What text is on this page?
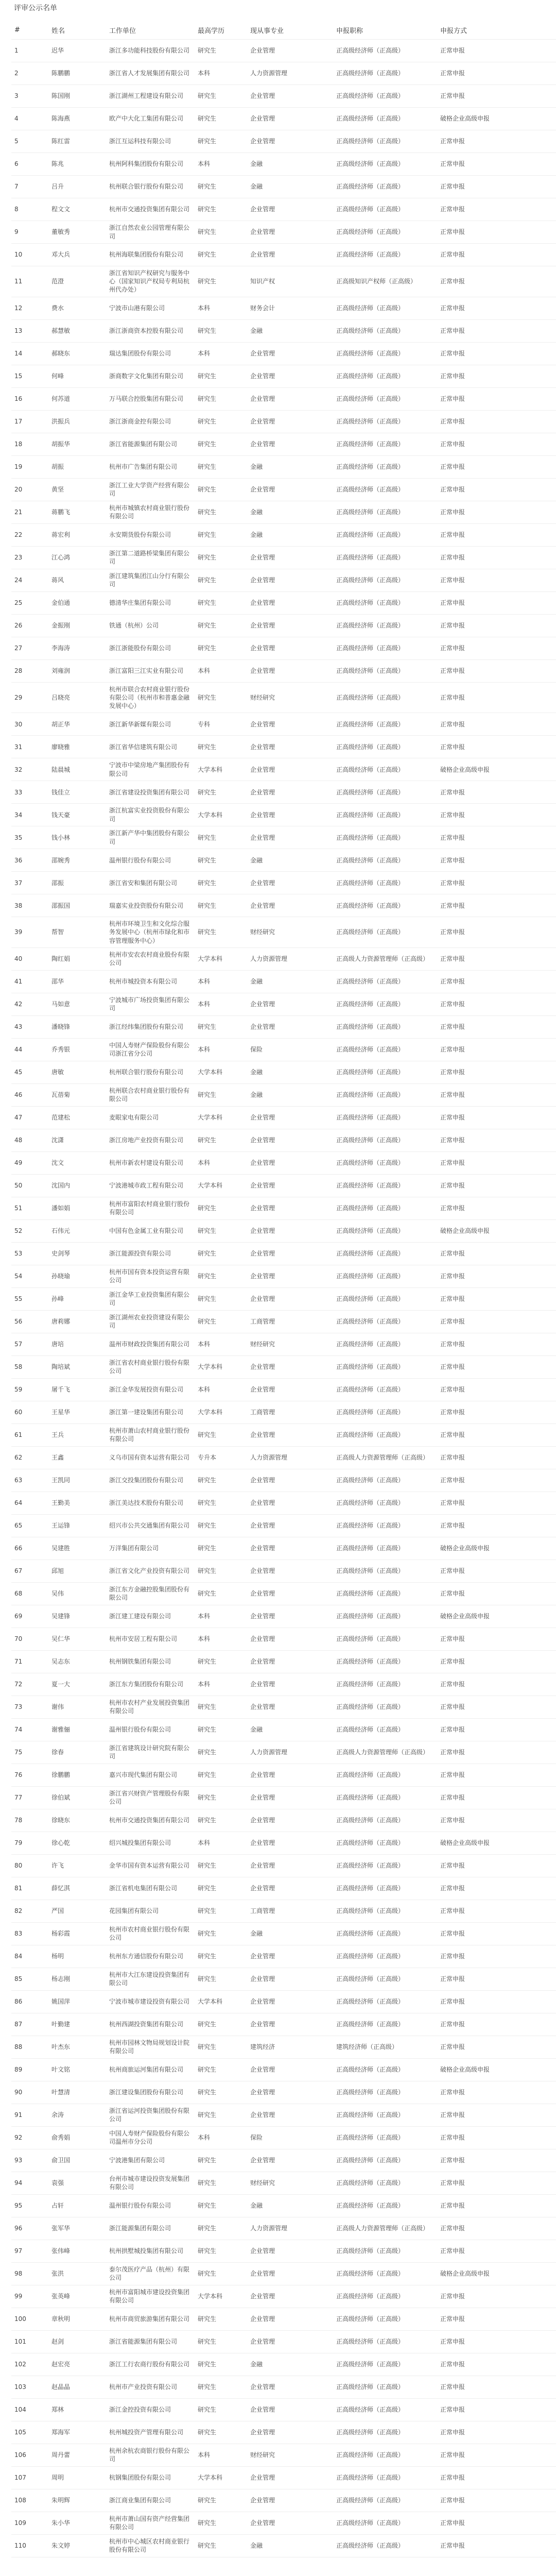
评审公示名单
#	姓名	工作单位	最高学历	现从事专业	申报职称	申报方式
1	迟华	浙江多功能科技股份有限公司	研究生	企业管理	正高级经济师（正高级）	正常申报
2	陈鹏鹏	浙江省人才发展集团有限公司	本科	人力资源管理	正高级经济师（正高级）	正常申报
3	陈国刚	浙江湖州工程建设有限公司	研究生	企业管理	正高级经济师（正高级）	正常申报
4	陈海燕	欧产中大化工集团有限公司	研究生	企业管理	正高级经济师（正高级）	破格企业高级申报
5	陈红雷	浙江互运科技有限公司	研究生	企业管理	正高级经济师（正高级）	正常申报
6	陈兆	杭州阿科集团股份有限公司	本科	金融	正高级经济师（正高级）	正常申报
7	吕升	杭州联合银行股份有限公司	研究生	金融	正高级经济师（正高级）	正常申报
8	程文文	杭州市交通投资集团有限公司	研究生	企业管理	正高级经济师（正高级）	正常申报
9	董敏秀	浙江自然农业公园管理有限公司	研究生	企业管理	正高级经济师（正高级）	正常申报
10	邓大兵	杭州海联集团股份有限公司	研究生	企业管理	正高级经济师（正高级）	正常申报
11	范澄	浙江省知识产权研究与服务中心（国家知识产权局专利局杭州代办处）	研究生	知识产权	正高级知识产权师（正高级）	正常申报
12	费水	宁波市山港有限公司	本科	财务会计	正高级经济师（正高级）	正常申报
13	郝慧敏	浙江浙商资本控股有限公司	研究生	金融	正高级经济师（正高级）	正常申报
14	郝晓东	瑞达集团股份有限公司	本科	企业管理	正高级经济师（正高级）	正常申报
15	何峰	浙商数字文化集团有限公司	研究生	企业管理	正高级经济师（正高级）	正常申报
16	何苏道	万马联合控股集团有限公司	研究生	企业管理	正高级经济师（正高级）	正常申报
17	洪振兵	浙江浙商金控有限公司	研究生	企业管理	正高级经济师（正高级）	正常申报
18	胡振华	浙江省能源集团有限公司	研究生	企业管理	正高级经济师（正高级）	正常申报
19	胡振	杭州市广告集团有限公司	研究生	金融	正高级经济师（正高级）	正常申报
20	黄坚	浙江工业大学资产经营有限公司	研究生	企业管理	正高级经济师（正高级）	正常申报
21	蒋鹏飞	杭州市城镇农村商业银行股份有限公司	研究生	金融	正高级经济师（正高级）	正常申报
22	蒋宏利	永安期货股份有限公司	研究生	金融	正高级经济师（正高级）	正常申报
23	江心鸿	浙江第二道路桥梁集团有限公司	研究生	企业管理	正高级经济师（正高级）	正常申报
24	蒋风	浙江建筑集团江山分行有限公司	研究生	企业管理	正高级经济师（正高级）	正常申报
25	金伯通	德清华庄集团有限公司	研究生	企业管理	正高级经济师（正高级）	正常申报
26	金振刚	铁通（杭州）公司	研究生	企业管理	正高级经济师（正高级）	正常申报
27	李海涛	浙江浙能股份有限公司	研究生	企业管理	正高级经济师（正高级）	正常申报
28	刘雍润	浙江富阳三江实业有限公司	本科	企业管理	正高级经济师（正高级）	正常申报
29	吕晓亮	杭州市联合农村商业银行股份有限公司（杭州市和普惠金融发展中心）	研究生	财经研究	正高级经济师（正高级）	正常申报
30	胡正华	浙江新华新媒有限公司	专科	企业管理	正高级经济师（正高级）	正常申报
31	廖晓雅	浙江省华信建筑有限公司	研究生	企业管理	正高级经济师（正高级）	正常申报
32	陆晨城	宁波市中梁房地产集团股份有限公司	大学本科	企业管理	正高级经济师（正高级）	破格企业高级申报
33	钱佳立	浙江省建设投资集团有限公司	研究生	企业管理	正高级经济师（正高级）	正常申报
34	钱天豪	浙江杭富实业投资股份有限公司	大学本科	企业管理	正高级经济师（正高级）	正常申报
35	钱小林	浙江新产华中集团股份有限公司	研究生	企业管理	正高级经济师（正高级）	正常申报
36	邵婉秀	温州银行股份有限公司	研究生	金融	正高级经济师（正高级）	正常申报
37	邵振	浙江省安和集团有限公司	研究生	企业管理	正高级经济师（正高级）	正常申报
38	邵振国	瑞嘉实业投资股份有限公司	研究生	企业管理	正高级经济师（正高级）	正常申报
39	帮智	杭州市环境卫生和文化综合服务发展中心（杭州市绿化和市容管理服务中心）	研究生	财经研究	正高级经济师（正高级）	正常申报
40	陶红娟	杭州市安农农村商业股份有限公司	大学本科	人力资源管理	正高级人力资源管理师（正高级）	正常申报
41	邵华	杭州市城投资本有限公司	本科	金融	正高级经济师（正高级）	正常申报
42	马如意	宁波城市广场投资集团有限公司	本科	企业管理	正高级经济师（正高级）	正常申报
43	潘晓锋	浙江经纬集团股份有限公司	研究生	企业管理	正高级经济师（正高级）	正常申报
44	乔秀银	中国人寿财产保险股份有限公司浙江省分公司	本科	保险	正高级经济师（正高级）	正常申报
45	唐敏	杭州联合银行股份有限公司	大学本科	金融	正高级经济师（正高级）	正常申报
46	瓦蓓菊	杭州联合农村商业银行股份有限公司	研究生	金融	正高级经济师（正高级）	正常申报
47	范建松	麦眼家电有限公司	大学本科	企业管理	正高级经济师（正高级）	正常申报
48	沈潇	浙江房地产业投资有限公司	研究生	企业管理	正高级经济师（正高级）	正常申报
49	沈文	杭州市新农村建设有限公司	本科	企业管理	正高级经济师（正高级）	正常申报
50	沈国内	宁波港城市政工程有限公司	大学本科	企业管理	正高级经济师（正高级）	正常申报
51	潘如娟	杭州市富阳农村商业银行股份有限公司	研究生	企业管理	正高级经济师（正高级）	正常申报
52	石伟元	中国有色金属工业有限公司	研究生	企业管理	正高级经济师（正高级）	破格企业高级申报
53	史剑琴	浙江能源投资有限公司	研究生	企业管理	正高级经济师（正高级）	正常申报
54	孙晓瑜	杭州市国有资本投资运营有限公司	研究生	企业管理	正高级经济师（正高级）	正常申报
55	孙峰	浙江金华工业投资集团有限公司	研究生	企业管理	正高级经济师（正高级）	正常申报
56	唐莉娜	浙江湖州农业投资建设有限公司	研究生	工商管理	正高级经济师（正高级）	正常申报
57	唐培	温州市财政投资集团有限公司	本科	财经研究	正高级经济师（正高级）	正常申报
58	陶培斌	浙江省农村商业银行股份有限公司	大学本科	企业管理	正高级经济师（正高级）	正常申报
59	屠千飞	浙江金华发展投资有限公司	本科	企业管理	正高级经济师（正高级）	正常申报
60	王星华	浙江第一建设集团有限公司	大学本科	工商管理	正高级经济师（正高级）	正常申报
61	王兵	杭州市萧山农村商业银行股份有限公司	研究生	企业管理	正高级经济师（正高级）	正常申报
62	王鑫	义乌市国有资本运营有限公司	专升本	人力资源管理	正高级人力资源管理师（正高级）	正常申报
63	王凯同	浙江交投集团股份有限公司	研究生	企业管理	正高级经济师（正高级）	正常申报
64	王勤美	浙江美达技术股份有限公司	研究生	企业管理	正高级经济师（正高级）	正常申报
65	王运锋	绍兴市公共交通集团有限公司	研究生	企业管理	正高级经济师（正高级）	正常申报
66	吴建胜	万洋集团有限公司	研究生	企业管理	正高级经济师（正高级）	破格企业高级申报
67	邱旭	浙江省文化产业投资有限公司	研究生	企业管理	正高级经济师（正高级）	正常申报
68	吴伟	浙江东方金融控股集团股份有限公司	研究生	企业管理	正高级经济师（正高级）	正常申报
69	吴建锋	浙江建工建设有限公司	本科	企业管理	正高级经济师（正高级）	破格企业高级申报
70	吴仁华	杭州市安居工程有限公司	本科	企业管理	正高级经济师（正高级）	正常申报
71	吴志东	杭州钢铁集团有限公司	研究生	企业管理	正高级经济师（正高级）	正常申报
72	夏一大	浙江东方集团股份有限公司	本科	企业管理	正高级经济师（正高级）	正常申报
73	谢伟	杭州市农村产业发展投资集团有限公司	研究生	企业管理	正高级经济师（正高级）	正常申报
74	谢雅俪	温州银行股份有限公司	研究生	金融	正高级经济师（正高级）	正常申报
75	徐春	浙江省建筑设计研究院有限公司	研究生	人力资源管理	正高级人力资源管理师（正高级）	正常申报
76	徐鹏鹏	嘉兴市现代集团有限公司	研究生	企业管理	正高级经济师（正高级）	正常申报
77	徐伯斌	浙江省兴财资产管理股份有限公司	研究生	企业管理	正高级经济师（正高级）	正常申报
78	徐晓东	杭州市交通投资集团有限公司	研究生	企业管理	正高级经济师（正高级）	正常申报
79	徐心乾	绍兴城投集团有限公司	本科	企业管理	正高级经济师（正高级）	破格企业高级申报
80	许飞	金华市国有资本运营有限公司	研究生	企业管理	正高级经济师（正高级）	正常申报
81	薛忆淇	浙江省机电集团有限公司	研究生	企业管理	正高级经济师（正高级）	正常申报
82	严国	花园集团有限公司	研究生	工商管理	正高级经济师（正高级）	正常申报
83	杨彩霞	杭州市农村商业银行股份有限公司	研究生	金融	正高级经济师（正高级）	正常申报
84	杨明	杭州东方通信股份有限公司	研究生	企业管理	正高级经济师（正高级）	正常申报
85	杨志刚	杭州市大江东建设投资集团有限公司	研究生	企业管理	正高级经济师（正高级）	正常申报
86	姚国萍	宁波市城市建设投资有限公司	大学本科	企业管理	正高级经济师（正高级）	正常申报
87	叶勤建	杭州西湖投资集团有限公司	研究生	企业管理	正高级经济师（正高级）	正常申报
88	叶杰东	杭州市园林文物局规划设计院有限公司	研究生	建筑经济	建筑经济师（正高级）	正常申报
89	叶文铭	杭州商旅运河集团有限公司	研究生	企业管理	正高级经济师（正高级）	破格企业高级申报
90	叶慧清	浙江建设集团股份有限公司	研究生	企业管理	正高级经济师（正高级）	正常申报
91	余涛	浙江省运河投资集团股份有限公司	研究生	企业管理	正高级经济师（正高级）	正常申报
92	俞秀娟	中国人寿财产保险股份有限公司温州市分公司	本科	保险	正高级经济师（正高级）	正常申报
93	俞卫国	宁波港集团有限公司	研究生	企业管理	正高级经济师（正高级）	正常申报
94	袁强	台州市城市建设投资发展集团有限公司	研究生	财经研究	正高级经济师（正高级）	正常申报
95	占轩	温州银行股份有限公司	研究生	金融	正高级经济师（正高级）	正常申报
96	张军华	浙江能源集团有限公司	研究生	人力资源管理	正高级人力资源管理师（正高级）	正常申报
97	张伟峰	杭州拱墅城投集团有限公司	研究生	企业管理	正高级经济师（正高级）	正常申报
98	张洪	泰尔茂医疗产品（杭州）有限公司	研究生	企业管理	正高级经济师（正高级）	破格企业高级申报
99	张英峰	杭州市富阳城市建设投资集团有限公司	大学本科	企业管理	正高级经济师（正高级）	正常申报
100	章秋明	杭州市商贸旅游集团有限公司	研究生	企业管理	正高级经济师（正高级）	正常申报
101	赵剑	浙江省能源集团有限公司	研究生	企业管理	正高级经济师（正高级）	正常申报
102	赵宏亮	浙江工行农商行股份有限公司	研究生	金融	正高级经济师（正高级）	正常申报
103	赵晶晶	杭州市产业投资有限公司	研究生	企业管理	正高级经济师（正高级）	正常申报
104	郑林	浙江金控投资有限公司	研究生	企业管理	正高级经济师（正高级）	正常申报
105	郑海军	杭州城投资产管理有限公司	研究生	企业管理	正高级经济师（正高级）	正常申报
106	周丹蕾	杭州余杭农商银行股份有限公司	本科	财经研究	正高级经济师（正高级）	正常申报
107	周明	杭钢集团股份有限公司	大学本科	企业管理	正高级经济师（正高级）	正常申报
108	朱明辉	浙江商业集团有限公司	研究生	企业管理	正高级经济师（正高级）	正常申报
109	朱小华	杭州市萧山国有资产经营集团有限公司	研究生	企业管理	正高级经济师（正高级）	正常申报
110	朱文婷	杭州市中心城区农村商业银行股份有限公司	研究生	金融	正高级经济师（正高级）	正常申报
